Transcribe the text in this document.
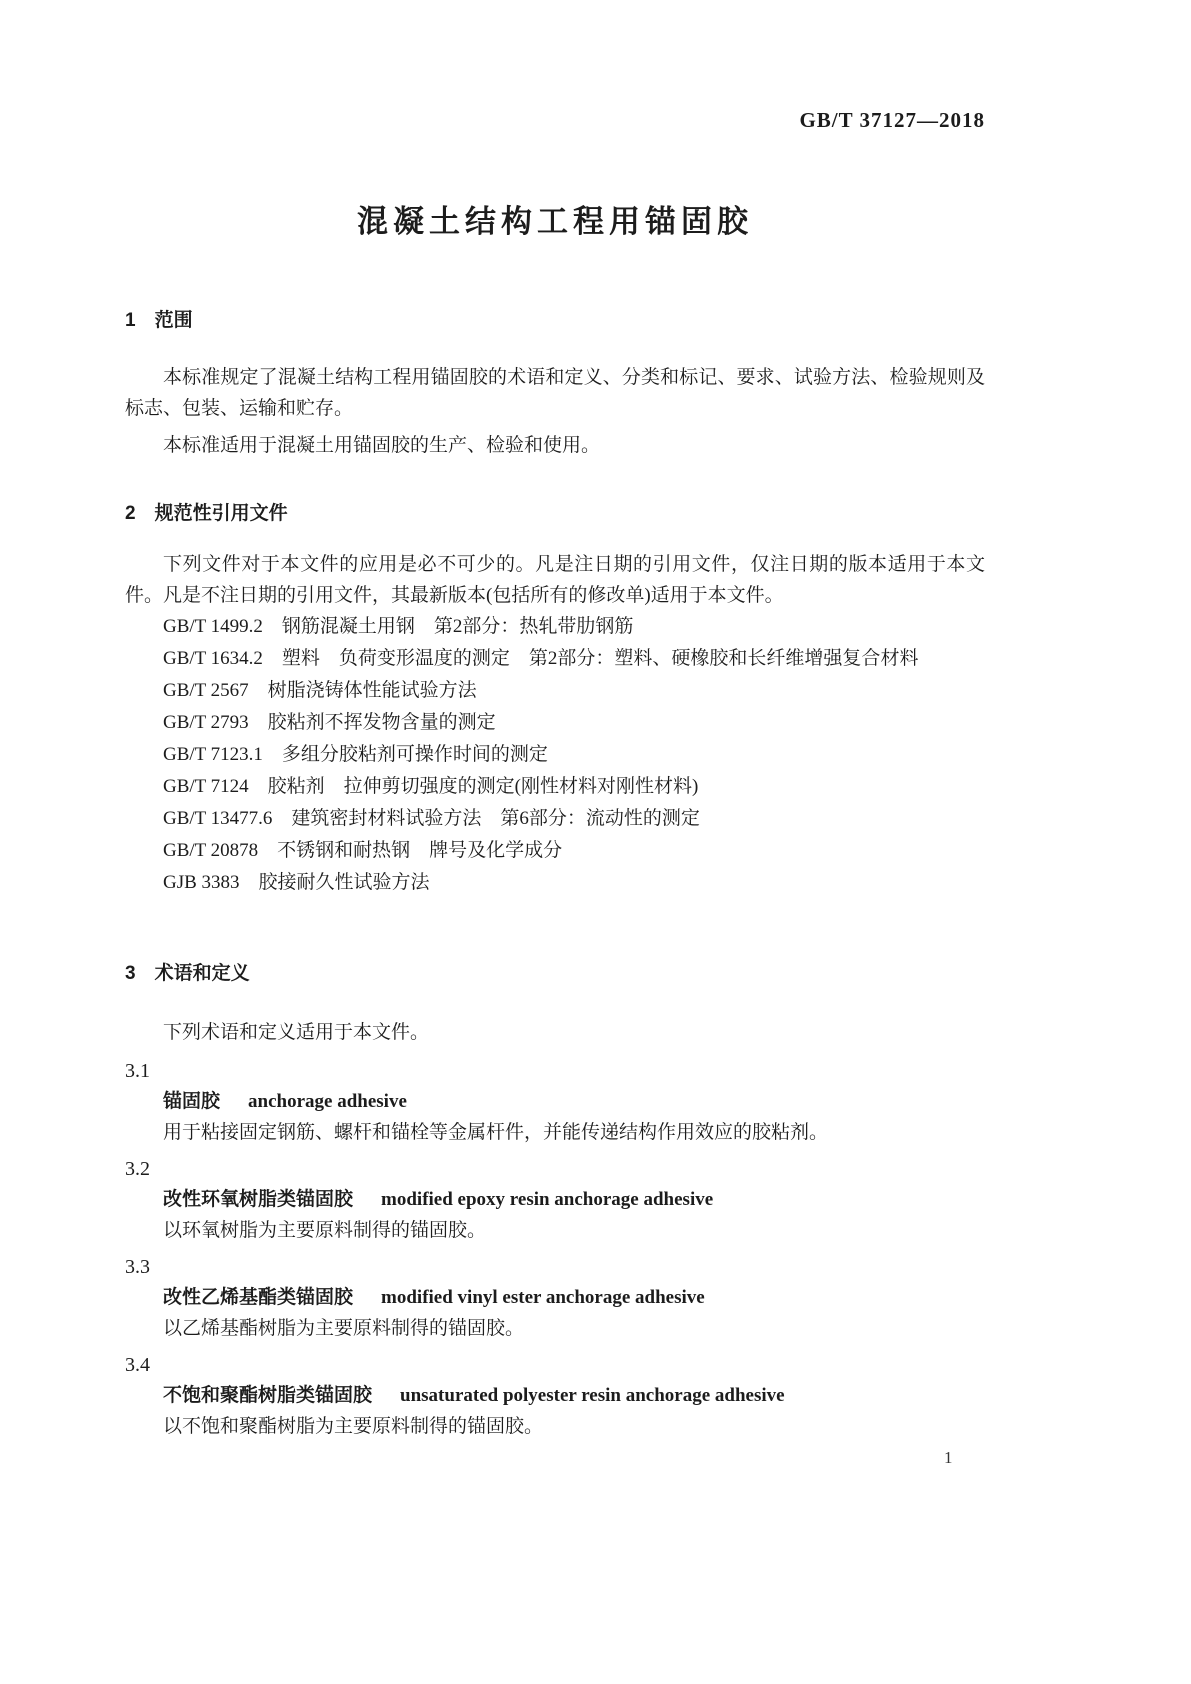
GB/T 37127—2018
混凝土结构工程用锚固胶
1　范围

本标准规定了混凝土结构工程用锚固胶的术语和定义、分类和标记、要求、试验方法、检验规则及标志、包装、运输和贮存。

本标准适用于混凝土用锚固胶的生产、检验和使用。

2　规范性引用文件

下列文件对于本文件的应用是必不可少的。凡是注日期的引用文件，仅注日期的版本适用于本文件。凡是不注日期的引用文件，其最新版本(包括所有的修改单)适用于本文件。

GB/T 1499.2　钢筋混凝土用钢　第2部分：热轧带肋钢筋

GB/T 1634.2　塑料　负荷变形温度的测定　第2部分：塑料、硬橡胶和长纤维增强复合材料

GB/T 2567　树脂浇铸体性能试验方法

GB/T 2793　胶粘剂不挥发物含量的测定

GB/T 7123.1　多组分胶粘剂可操作时间的测定

GB/T 7124　胶粘剂　拉伸剪切强度的测定(刚性材料对刚性材料)

GB/T 13477.6　建筑密封材料试验方法　第6部分：流动性的测定

GB/T 20878　不锈钢和耐热钢　牌号及化学成分

GJB 3383　胶接耐久性试验方法

3　术语和定义

下列术语和定义适用于本文件。

3.1

锚固胶 anchorage adhesive

用于粘接固定钢筋、螺杆和锚栓等金属杆件，并能传递结构作用效应的胶粘剂。

3.2

改性环氧树脂类锚固胶 modified epoxy resin anchorage adhesive

以环氧树脂为主要原料制得的锚固胶。

3.3

改性乙烯基酯类锚固胶 modified vinyl ester anchorage adhesive

以乙烯基酯树脂为主要原料制得的锚固胶。

3.4

不饱和聚酯树脂类锚固胶 unsaturated polyester resin anchorage adhesive

以不饱和聚酯树脂为主要原料制得的锚固胶。

1
